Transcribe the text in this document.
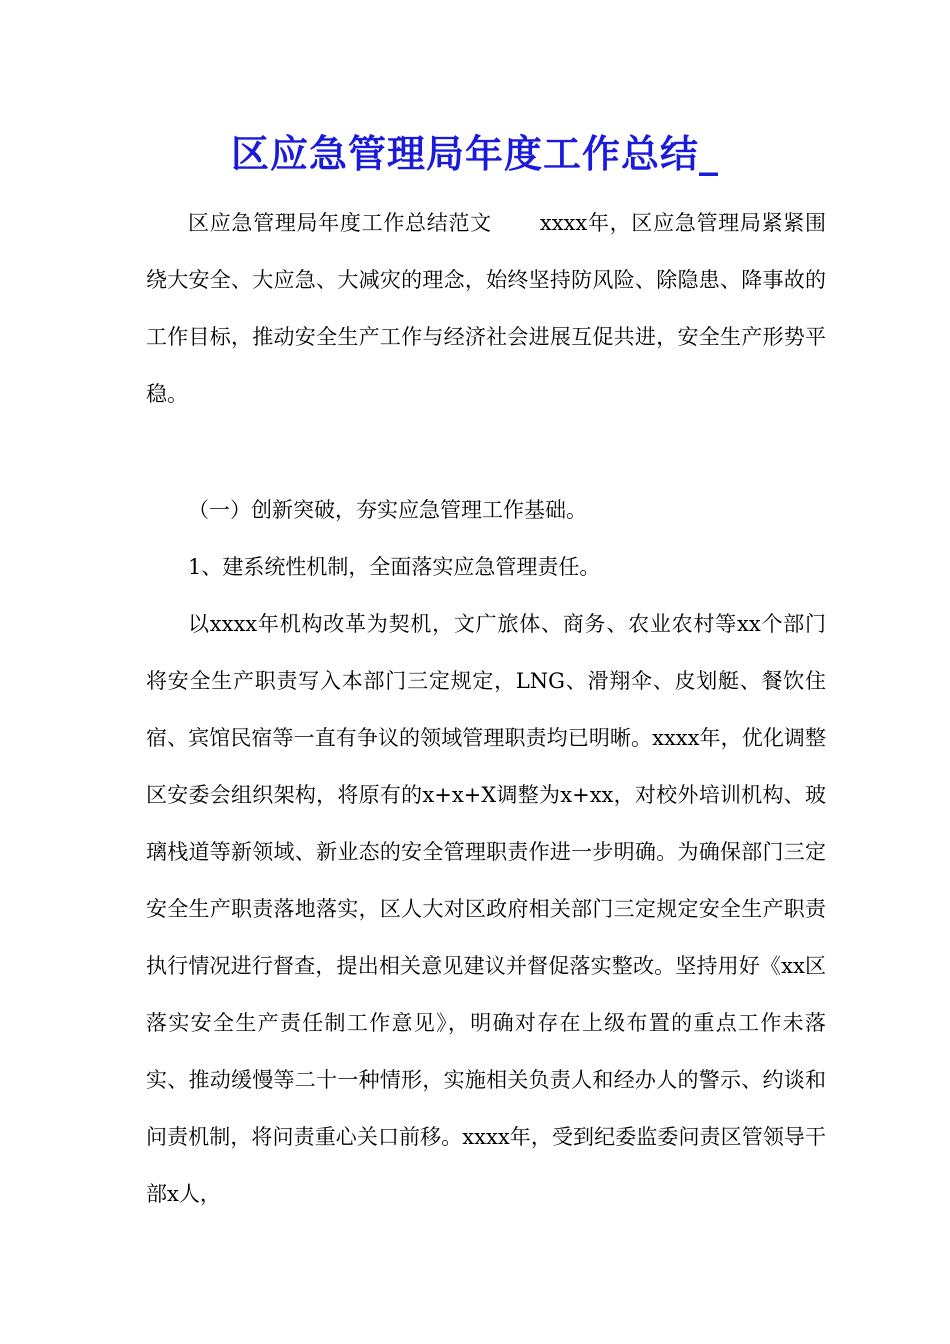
区应急管理局年度工作总结_

区应急管理局年度工作总结范文 xxxx年，区应急管理局紧紧围绕大安全、大应急、大减灾的理念，始终坚持防风险、除隐患、降事故的工作目标，推动安全生产工作与经济社会进展互促共进，安全生产形势平稳。

（一）创新突破，夯实应急管理工作基础。

1、建系统性机制，全面落实应急管理责任。

以xxxx年机构改革为契机，文广旅体、商务、农业农村等xx个部门将安全生产职责写入本部门三定规定，LNG、滑翔伞、皮划艇、餐饮住宿、宾馆民宿等一直有争议的领域管理职责均已明晰。xxxx年，优化调整区安委会组织架构，将原有的x+x+X调整为x+xx，对校外培训机构、玻璃栈道等新领域、新业态的安全管理职责作进一步明确。为确保部门三定安全生产职责落地落实，区人大对区政府相关部门三定规定安全生产职责执行情况进行督查，提出相关意见建议并督促落实整改。坚持用好《xx区落实安全生产责任制工作意见》，明确对存在上级布置的重点工作未落实、推动缓慢等二十一种情形，实施相关负责人和经办人的警示、约谈和问责机制，将问责重心关口前移。xxxx年，受到纪委监委问责区管领导干部x人，
